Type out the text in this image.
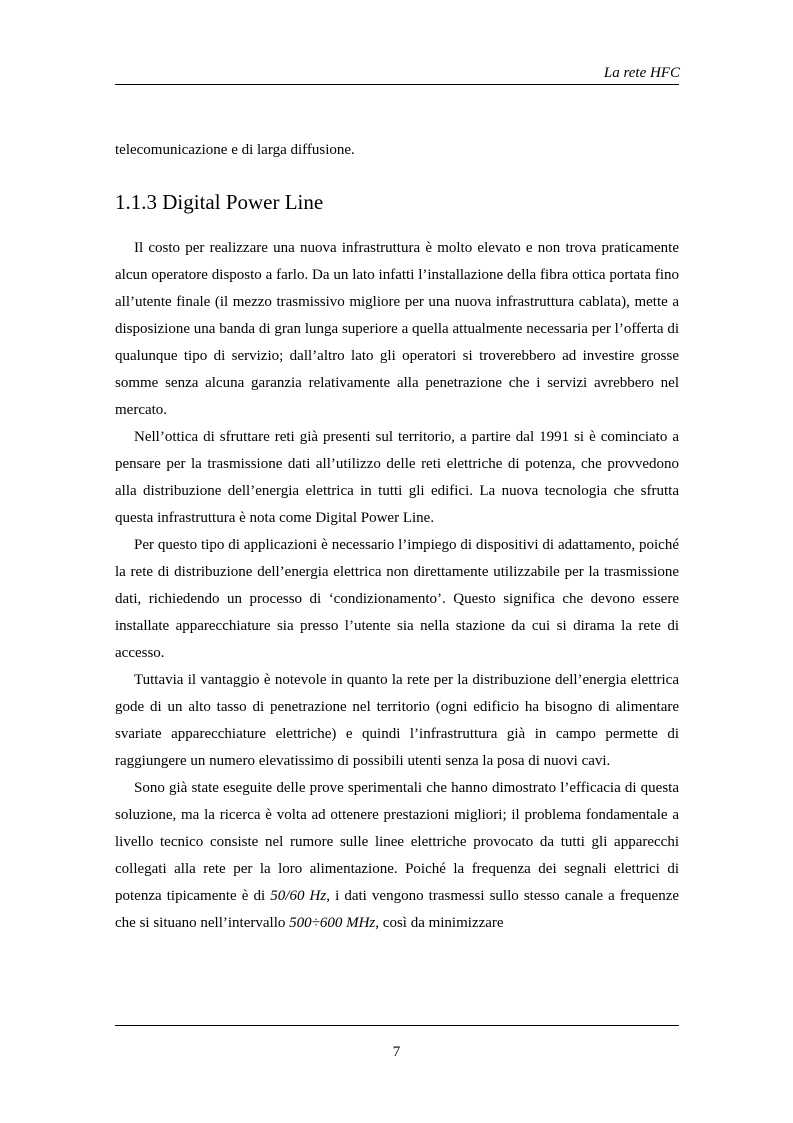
La rete HFC

telecomunicazione e di larga diffusione.

1.1.3 Digital Power Line

Il costo per realizzare una nuova infrastruttura è molto elevato e non trova praticamente alcun operatore disposto a farlo. Da un lato infatti l’installazione della fibra ottica portata fino all’utente finale (il mezzo trasmissivo migliore per una nuova infrastruttura cablata), mette a disposizione una banda di gran lunga superiore a quella attualmente necessaria per l’offerta di qualunque tipo di servizio; dall’altro lato gli operatori si troverebbero ad investire grosse somme senza alcuna garanzia relativamente alla penetrazione che i servizi avrebbero nel mercato.

Nell’ottica di sfruttare reti già presenti sul territorio, a partire dal 1991 si è cominciato a pensare per la trasmissione dati all’utilizzo delle reti elettriche di potenza, che provvedono alla distribuzione dell’energia elettrica in tutti gli edifici. La nuova tecnologia che sfrutta questa infrastruttura è nota come Digital Power Line.

Per questo tipo di applicazioni è necessario l’impiego di dispositivi di adattamento, poiché la rete di distribuzione dell’energia elettrica non direttamente utilizzabile per la trasmissione dati, richiedendo un processo di ‘condizionamento’. Questo significa che devono essere installate apparecchiature sia presso l’utente sia nella stazione da cui si dirama la rete di accesso.

Tuttavia il vantaggio è notevole in quanto la rete per la distribuzione dell’energia elettrica gode di un alto tasso di penetrazione nel territorio (ogni edificio ha bisogno di alimentare svariate apparecchiature elettriche) e quindi l’infrastruttura già in campo permette di raggiungere un numero elevatissimo di possibili utenti senza la posa di nuovi cavi.

Sono già state eseguite delle prove sperimentali che hanno dimostrato l’efficacia di questa soluzione, ma la ricerca è volta ad ottenere prestazioni migliori; il problema fondamentale a livello tecnico consiste nel rumore sulle linee elettriche provocato da tutti gli apparecchi collegati alla rete per la loro alimentazione. Poiché la frequenza dei segnali elettrici di potenza tipicamente è di 50/60 Hz, i dati vengono trasmessi sullo stesso canale a frequenze che si situano nell’intervallo 500÷600 MHz, così da minimizzare

7
